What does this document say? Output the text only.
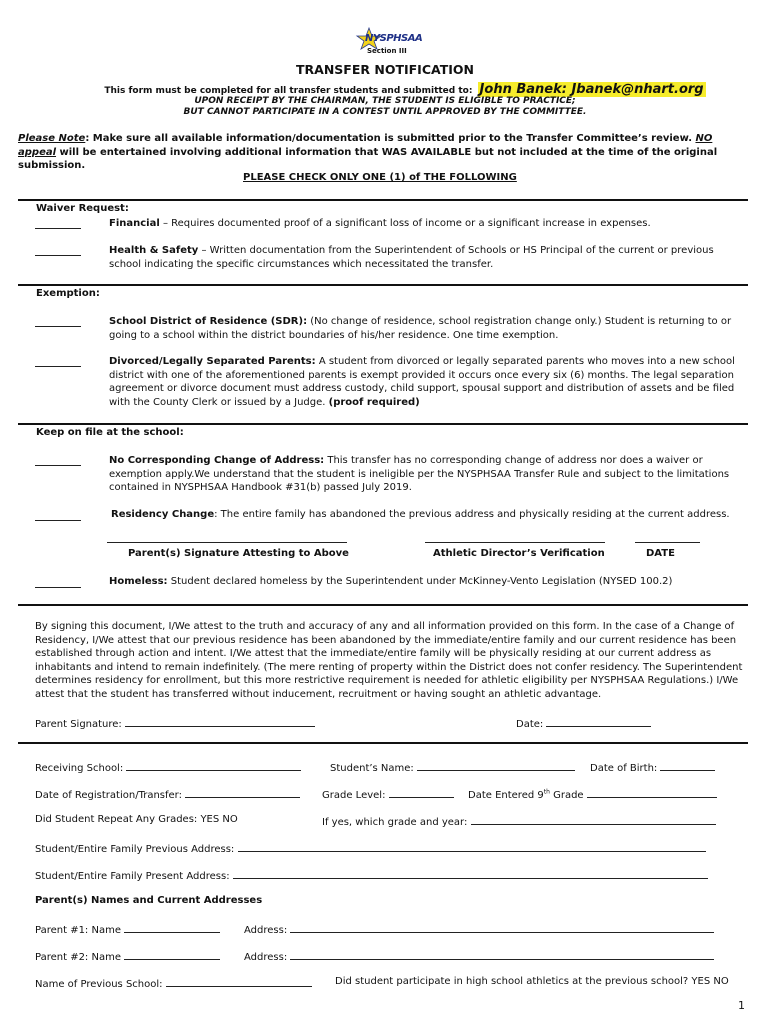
NYSPHSAA
Section III
TRANSFER NOTIFICATION
This form must be completed for all transfer students and submitted to: John Banek: Jbanek@nhart.org
UPON RECEIPT BY THE CHAIRMAN, THE STUDENT IS ELIGIBLE TO PRACTICE;
BUT CANNOT PARTICIPATE IN A CONTEST UNTIL APPROVED BY THE COMMITTEE.
Please Note: Make sure all available information/documentation is submitted prior to the Transfer Committee’s review. NO appeal will be entertained involving additional information that WAS AVAILABLE but not included at the time of the original submission.
PLEASE CHECK ONLY ONE (1) of THE FOLLOWING
Waiver Request:
Financial – Requires documented proof of a significant loss of income or a significant increase in expenses.
Health & Safety – Written documentation from the Superintendent of Schools or HS Principal of the current or previous school indicating the specific circumstances which necessitated the transfer.
Exemption:
School District of Residence (SDR): (No change of residence, school registration change only.) Student is returning to or going to a school within the district boundaries of his/her residence. One time exemption.
Divorced/Legally Separated Parents: A student from divorced or legally separated parents who moves into a new school district with one of the aforementioned parents is exempt provided it occurs once every six (6) months. The legal separation agreement or divorce document must address custody, child support, spousal support and distribution of assets and be filed with the County Clerk or issued by a Judge. (proof required)
Keep on file at the school:
No Corresponding Change of Address: This transfer has no corresponding change of address nor does a waiver or exemption apply.We understand that the student is ineligible per the NYSPHSAA Transfer Rule and subject to the limitations contained in NYSPHSAA Handbook #31(b) passed July 2019.
Residency Change: The entire family has abandoned the previous address and physically residing at the current address.
Parent(s) Signature Attesting to Above	Athletic Director’s Verification	DATE
Homeless: Student declared homeless by the Superintendent under McKinney-Vento Legislation (NYSED 100.2)
By signing this document, I/We attest to the truth and accuracy of any and all information provided on this form. In the case of a Change of Residency, I/We attest that our previous residence has been abandoned by the immediate/entire family and our current residence has been established through action and intent. I/We attest that the immediate/entire family will be physically residing at our current address as inhabitants and intend to remain indefinitely. (The mere renting of property within the District does not confer residency. The Superintendent determines residency for enrollment, but this more restrictive requirement is needed for athletic eligibility per NYSPHSAA Regulations.) I/We attest that the student has transferred without inducement, recruitment or having sought an athletic advantage.
Parent Signature:	Date:
Receiving School:	Student’s Name:	Date of Birth:
Date of Registration/Transfer:	Grade Level:	Date Entered 9th Grade
Did Student Repeat Any Grades: YES NO	If yes, which grade and year:
Student/Entire Family Previous Address:
Student/Entire Family Present Address:
Parent(s) Names and Current Addresses
Parent #1: Name	Address:
Parent #2: Name	Address:
Name of Previous School:	Did student participate in high school athletics at the previous school? YES NO
1
